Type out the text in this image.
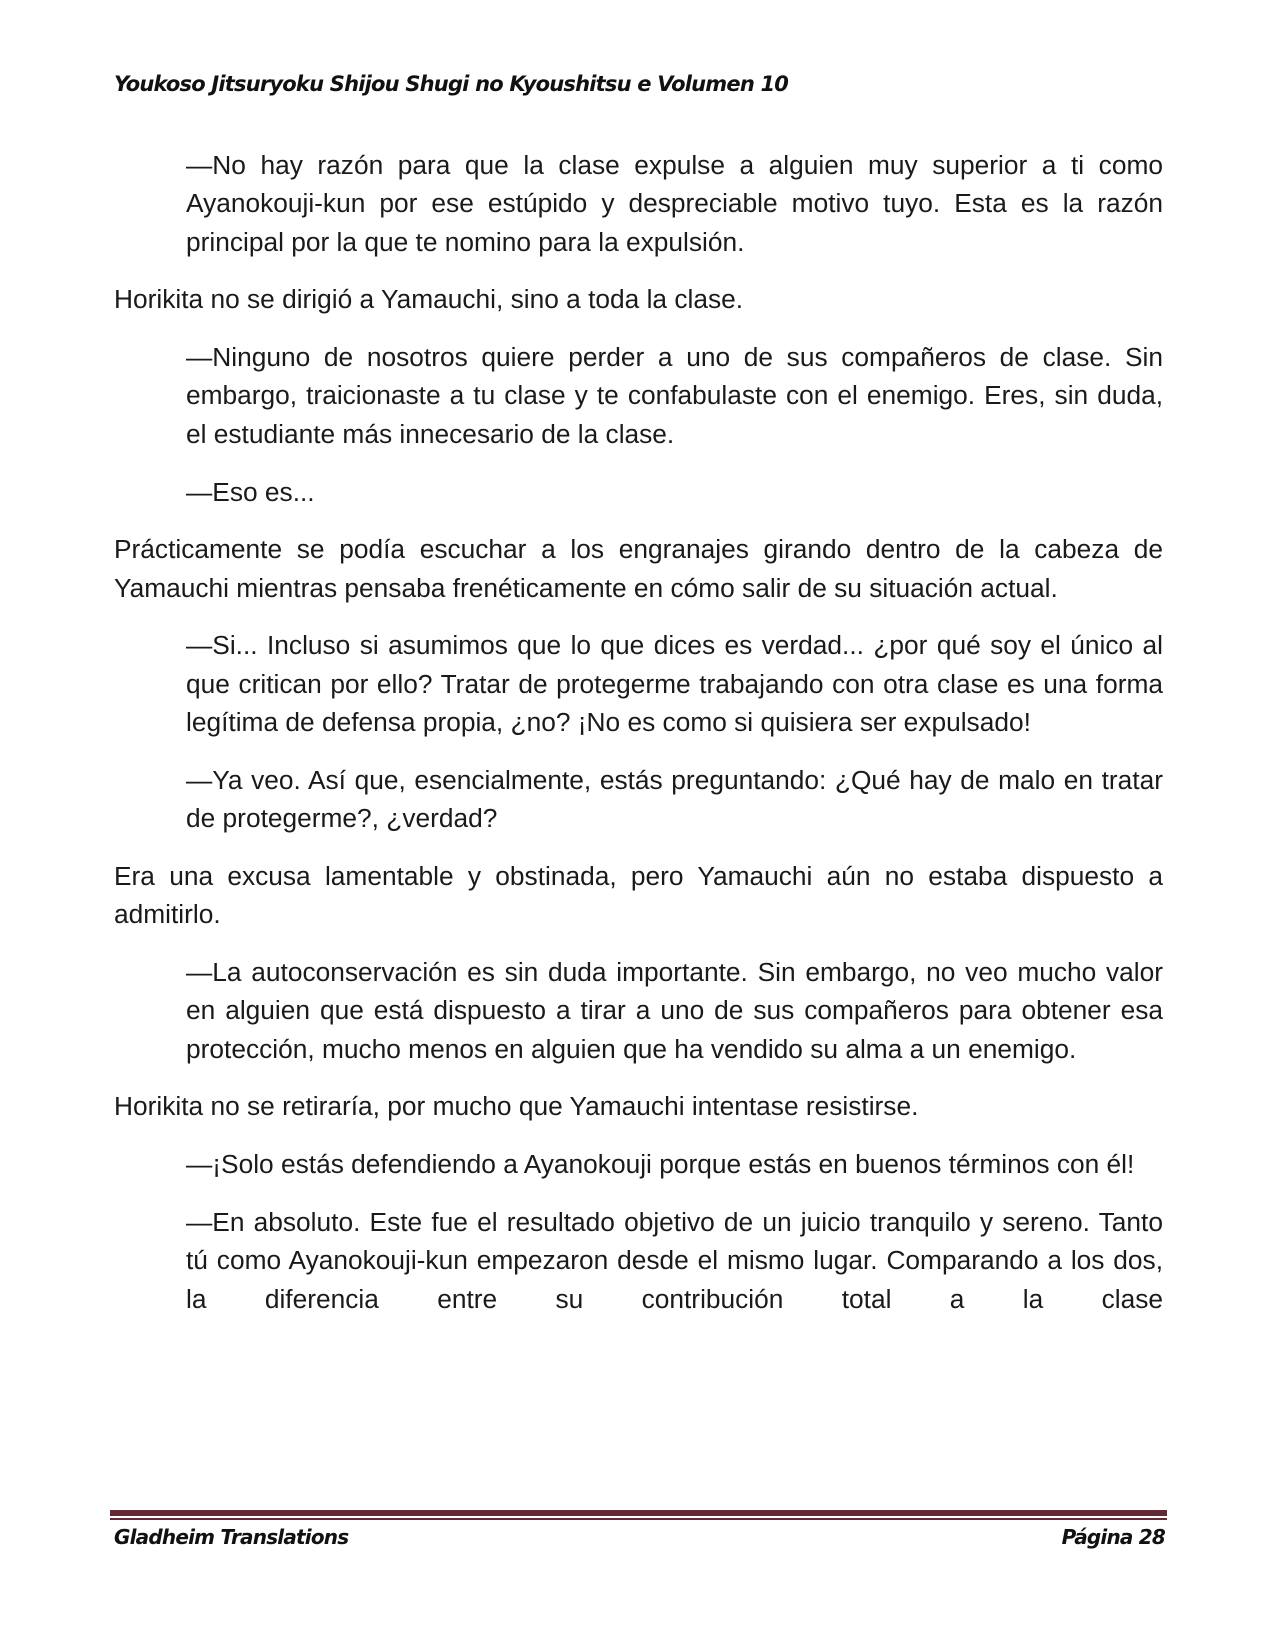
Youkoso Jitsuryoku Shijou Shugi no Kyoushitsu e Volumen 10

—No hay razón para que la clase expulse a alguien muy superior a ti como Ayanokouji-kun por ese estúpido y despreciable motivo tuyo. Esta es la razón principal por la que te nomino para la expulsión.

Horikita no se dirigió a Yamauchi, sino a toda la clase.

—Ninguno de nosotros quiere perder a uno de sus compañeros de clase. Sin embargo, traicionaste a tu clase y te confabulaste con el enemigo. Eres, sin duda, el estudiante más innecesario de la clase.

—Eso es...

Prácticamente se podía escuchar a los engranajes girando dentro de la cabeza de Yamauchi mientras pensaba frenéticamente en cómo salir de su situación actual.

—Si... Incluso si asumimos que lo que dices es verdad... ¿por qué soy el único al que critican por ello? Tratar de protegerme trabajando con otra clase es una forma legítima de defensa propia, ¿no? ¡No es como si quisiera ser expulsado!

—Ya veo. Así que, esencialmente, estás preguntando: ¿Qué hay de malo en tratar de protegerme?, ¿verdad?

Era una excusa lamentable y obstinada, pero Yamauchi aún no estaba dispuesto a admitirlo.

—La autoconservación es sin duda importante. Sin embargo, no veo mucho valor en alguien que está dispuesto a tirar a uno de sus compañeros para obtener esa protección, mucho menos en alguien que ha vendido su alma a un enemigo.

Horikita no se retiraría, por mucho que Yamauchi intentase resistirse.

—¡Solo estás defendiendo a Ayanokouji porque estás en buenos términos con él!

—En absoluto. Este fue el resultado objetivo de un juicio tranquilo y sereno. Tanto tú como Ayanokouji-kun empezaron desde el mismo lugar. Comparando a los dos, la diferencia entre su contribución total a la clase

Gladheim Translations	Página 28
